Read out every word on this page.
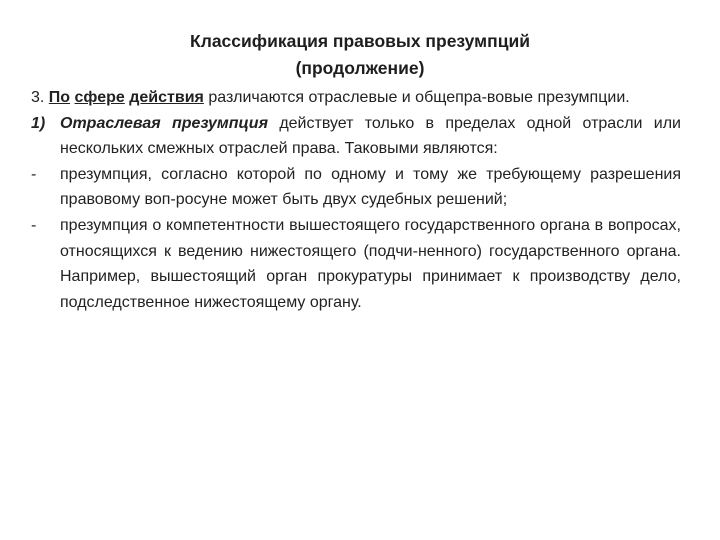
Классификация правовых презумпций
(продолжение)

3. По сфере действия различаются отраслевые и общепра-вовые презумпции.

1) Отраслевая презумпция действует только в пределах одной отрасли или нескольких смежных отраслей права. Таковыми являются:

- презумпция, согласно которой по одному и тому же требующему разрешения правовому воп-росуне может быть двух судебных решений;

- презумпция о компетентности вышестоящего государственного органа в вопросах, относящихся к ведению нижестоящего (подчи-ненного) государственного органа. Например, вышестоящий орган прокуратуры принимает к производству дело, подследственное нижестоящему органу.
